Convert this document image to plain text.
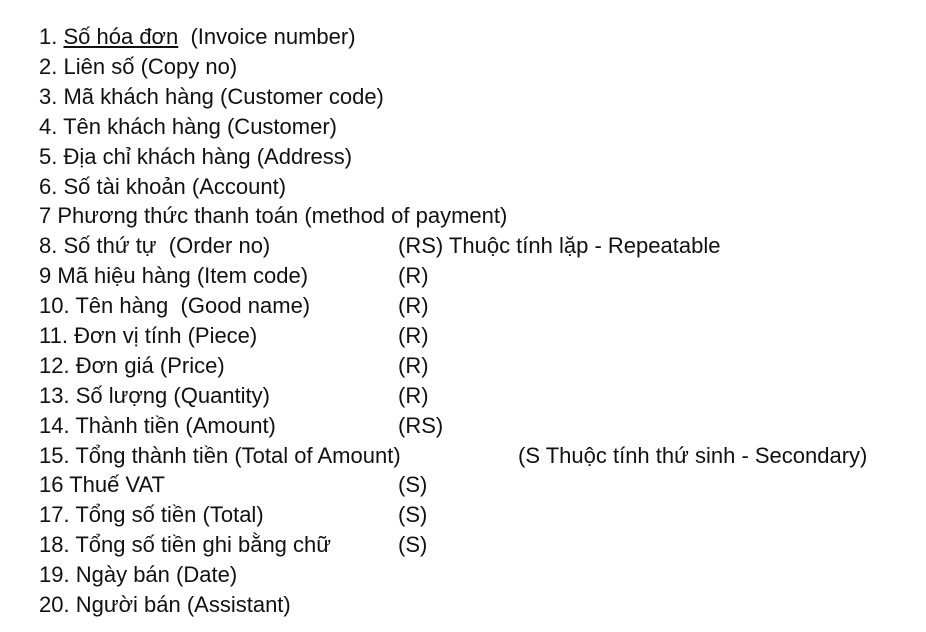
1. Số hóa đơn (Invoice number)
2. Liên số (Copy no)
3. Mã khách hàng (Customer code)
4. Tên khách hàng (Customer)
5. Địa chỉ khách hàng (Address)
6. Số tài khoản (Account)
7 Phương thức thanh toán (method of payment)
8. Số thứ tự (Order no)	(RS) Thuộc tính lặp - Repeatable
9 Mã hiệu hàng (Item code)	(R)
10. Tên hàng (Good name)	(R)
11. Đơn vị tính (Piece)	(R)
12. Đơn giá (Price)	(R)
13. Số lượng (Quantity)	(R)
14. Thành tiền (Amount)	(RS)
15. Tổng thành tiền (Total of Amount)	(S Thuộc tính thứ sinh - Secondary)
16 Thuế VAT	(S)
17. Tổng số tiền (Total)	(S)
18. Tổng số tiền ghi bằng chữ	(S)
19. Ngày bán (Date)
20. Người bán (Assistant)
